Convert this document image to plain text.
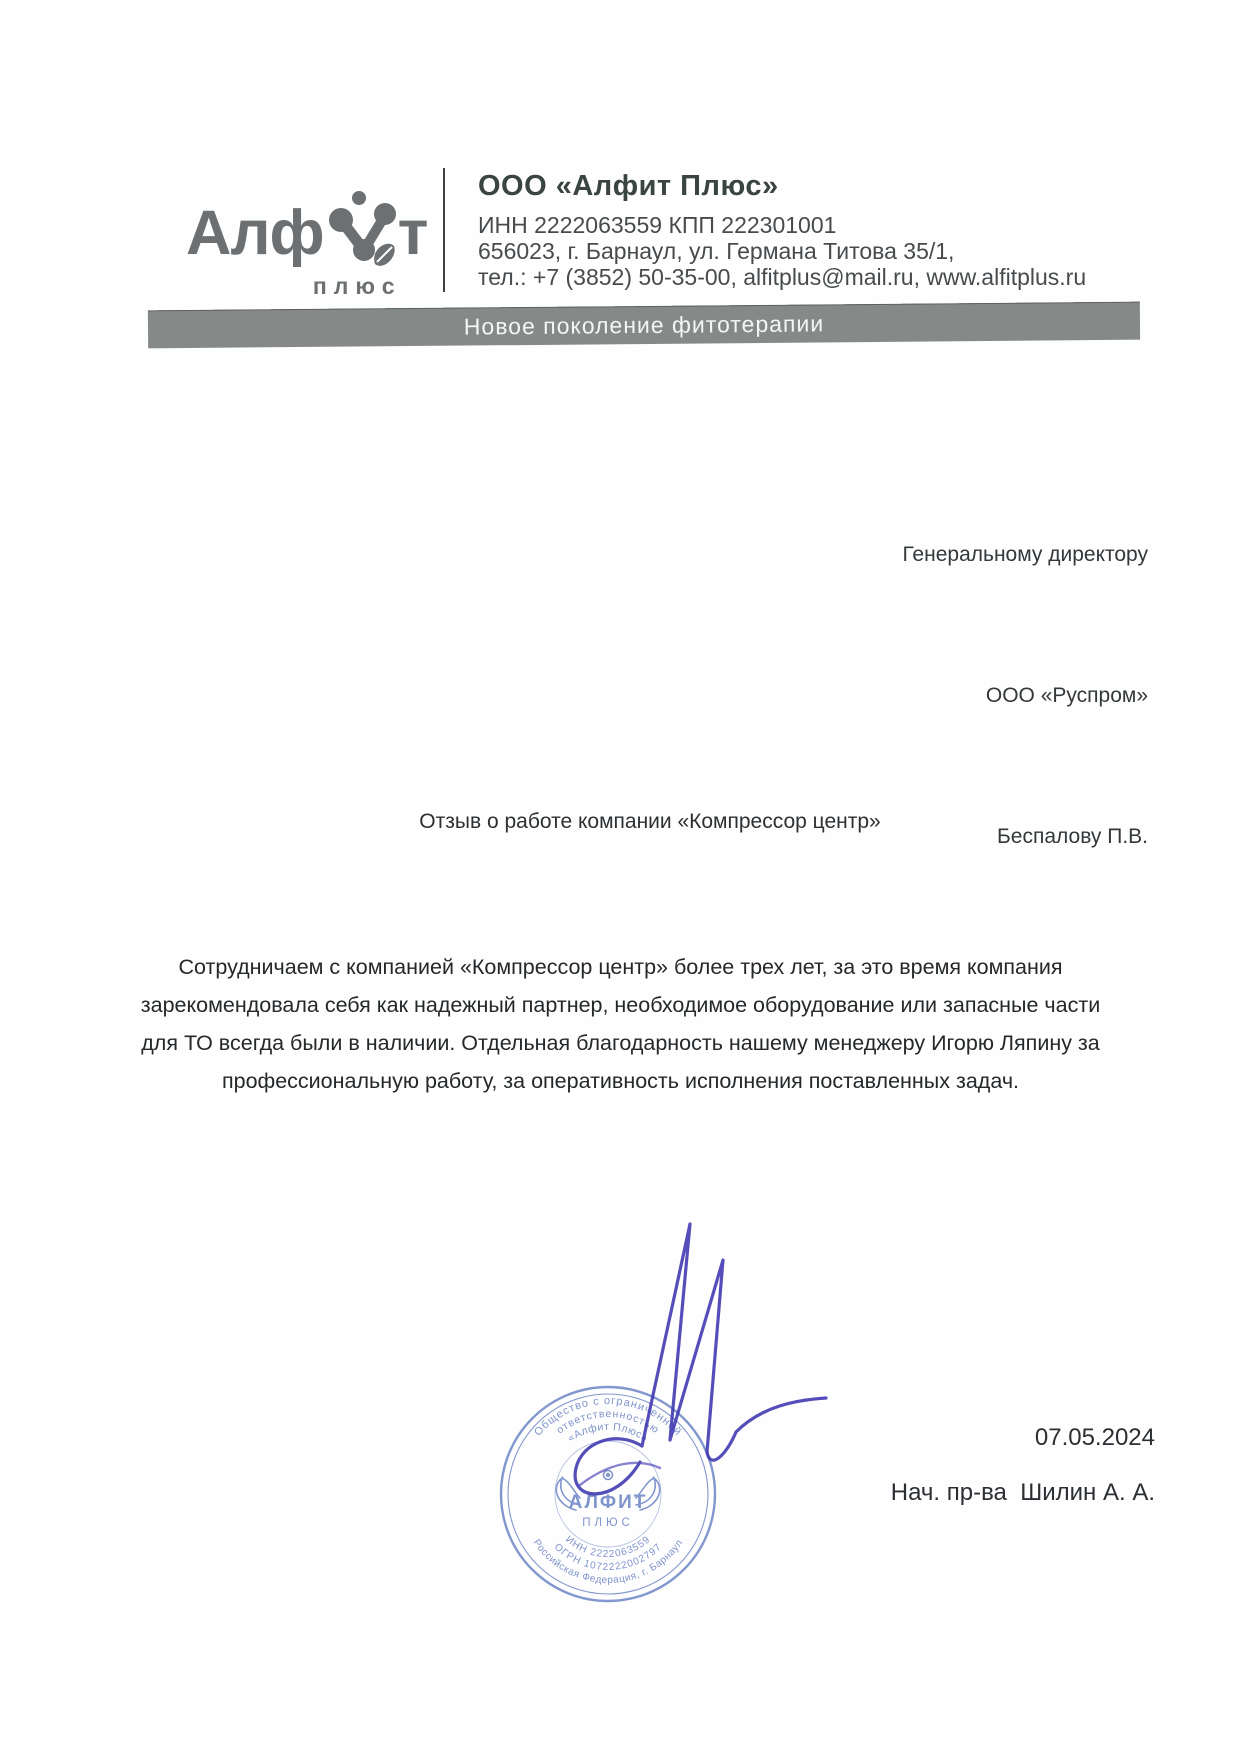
Алф т
плюс
ООО «Алфит Плюс»
ИНН 2222063559 КПП 222301001
656023, г. Барнаул, ул. Германа Титова 35/1,
тел.: +7 (3852) 50-35-00, alfitplus@mail.ru, www.alfitplus.ru
Новое поколение фитотерапии

Генеральному директору

ООО «Руспром»

Беспалову П.В.

Отзыв о работе компании «Компрессор центр»
Сотрудничаем с компанией «Компрессор центр» более трех лет, за это время компания
зарекомендовала себя как надежный партнер, необходимое оборудование или запасные части
для ТО всегда были в наличии. Отдельная благодарность нашему менеджеру Игорю Ляпину за
профессиональную работу, за оперативность исполнения поставленных задач.
Общество с ограниченной
ответственностью
«Алфит Плюс»
Российская Федерация, г. Барнаул
ОГРН 1072222002797
ИНН 2222063559
АЛФИТ
ПЛЮС
07.05.2024
Нач. пр-ва  Шилин А. А.
